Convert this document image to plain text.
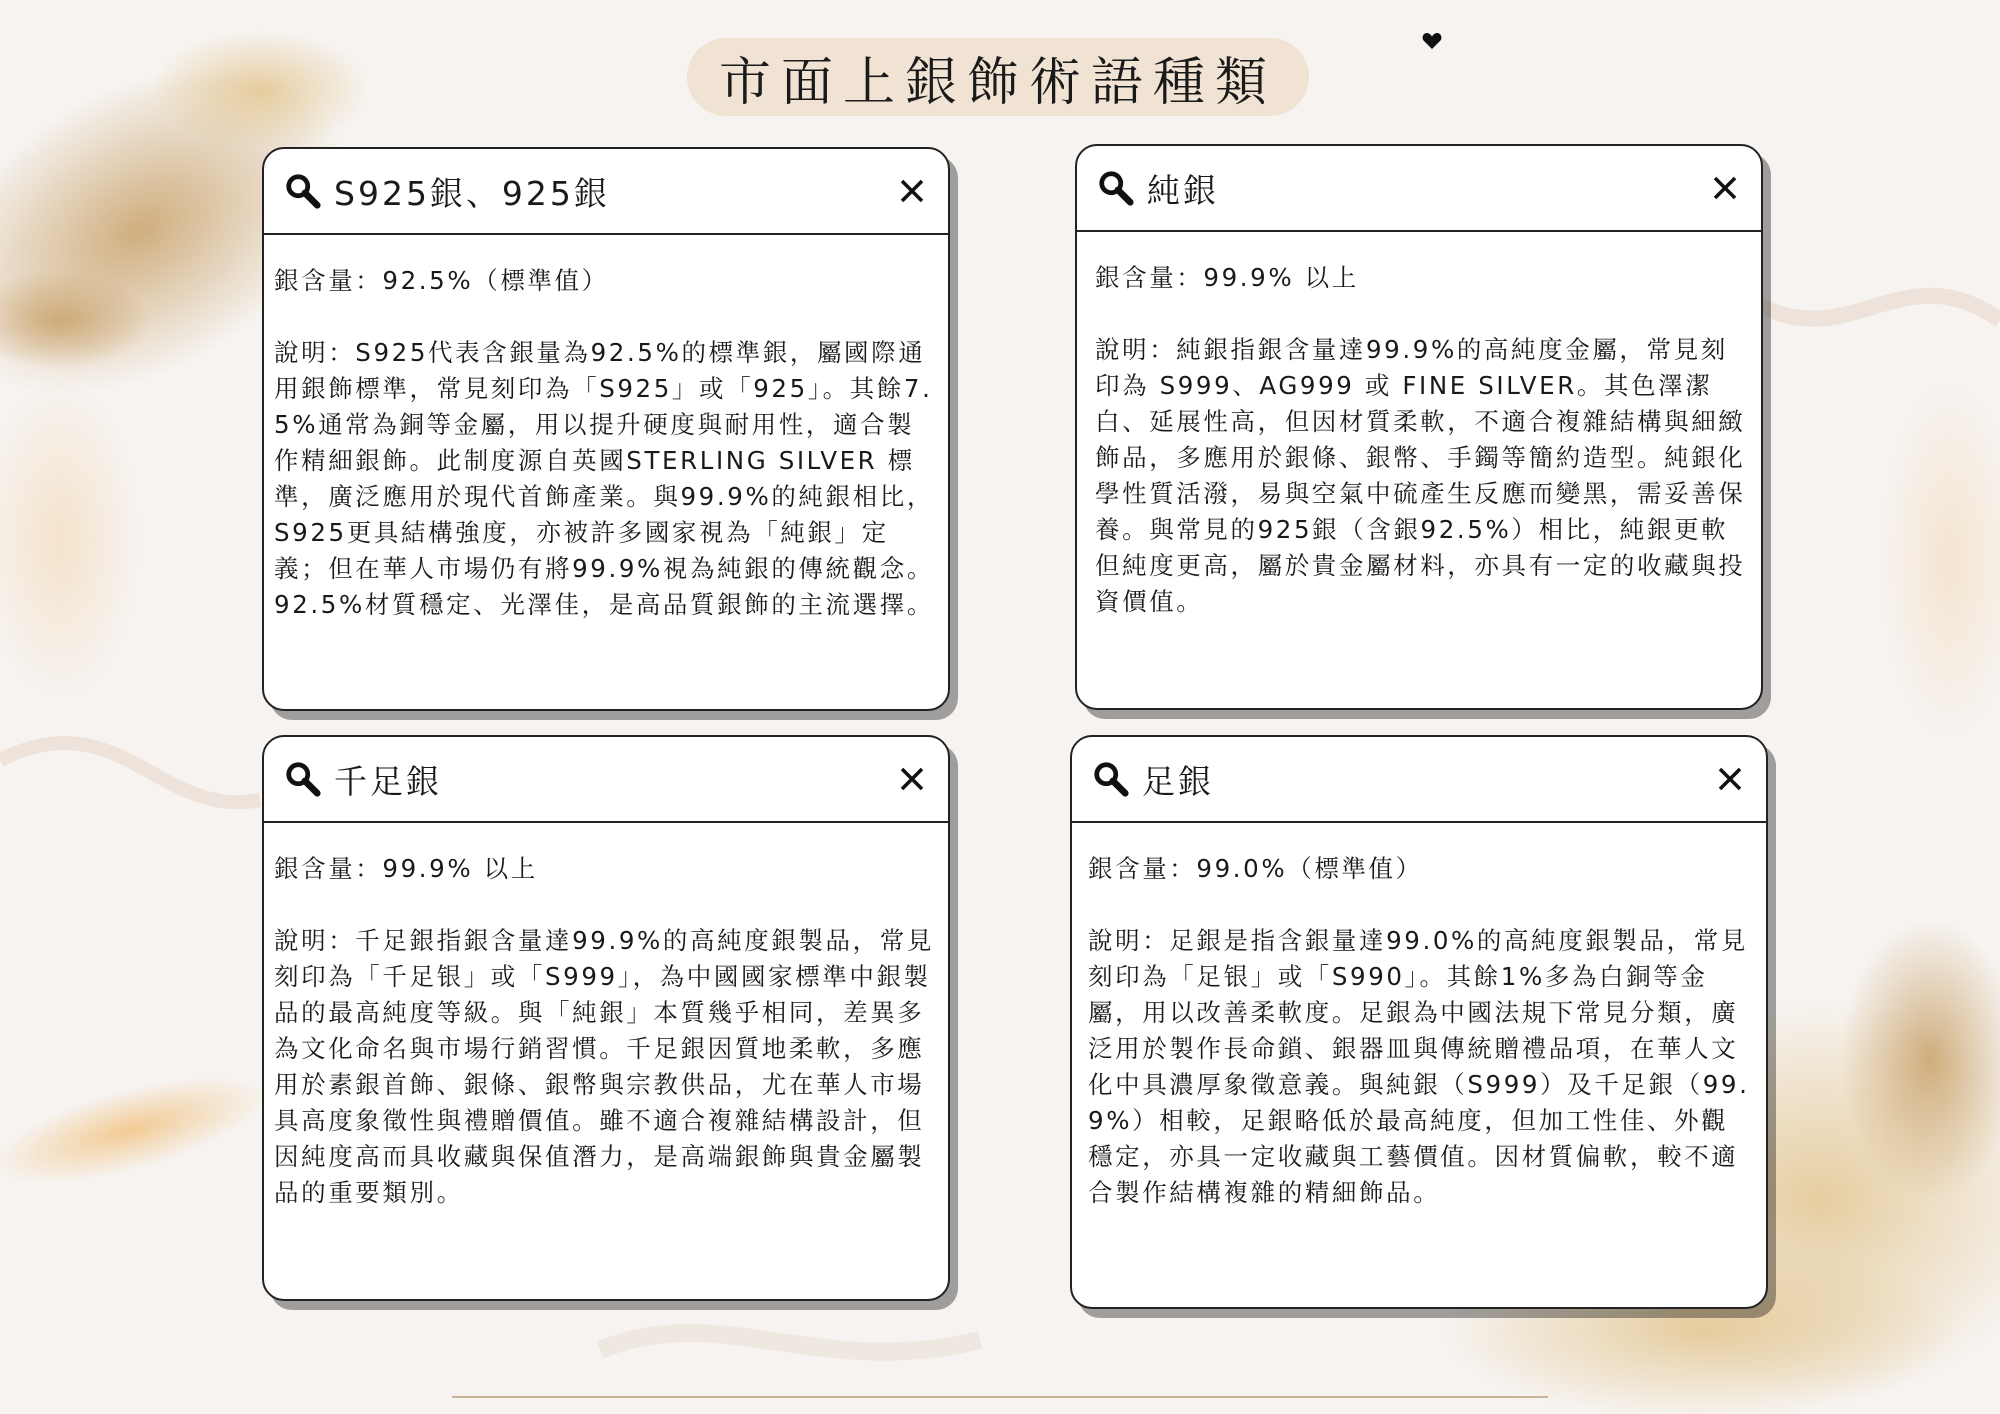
市面上銀飾術語種類
S925銀、925銀

銀含量：92.5%（標準值）

說明：S925代表含銀量為92.5%的標準銀，屬國際通用銀飾標準，常見刻印為「S925」或「925」。其餘7.5%通常為銅等金屬，用以提升硬度與耐用性，適合製作精細銀飾。此制度源自英國STERLING SILVER 標準，廣泛應用於現代首飾產業。與99.9%的純銀相比，S925更具結構強度，亦被許多國家視為「純銀」定義；但在華人市場仍有將99.9%視為純銀的傳統觀念。92.5%材質穩定、光澤佳，是高品質銀飾的主流選擇。

純銀

銀含量：99.9% 以上

說明：純銀指銀含量達99.9%的高純度金屬，常見刻印為 S999、AG999 或 FINE SILVER。其色澤潔白、延展性高，但因材質柔軟，不適合複雜結構與細緻飾品，多應用於銀條、銀幣、手鐲等簡約造型。純銀化學性質活潑，易與空氣中硫產生反應而變黑，需妥善保養。與常見的925銀（含銀92.5%）相比，純銀更軟但純度更高，屬於貴金屬材料，亦具有一定的收藏與投資價值。

千足銀

銀含量：99.9% 以上

說明：千足銀指銀含量達99.9%的高純度銀製品，常見刻印為「千足银」或「S999」，為中國國家標準中銀製品的最高純度等級。與「純銀」本質幾乎相同，差異多為文化命名與市場行銷習慣。千足銀因質地柔軟，多應用於素銀首飾、銀條、銀幣與宗教供品，尤在華人市場具高度象徵性與禮贈價值。雖不適合複雜結構設計，但因純度高而具收藏與保值潛力，是高端銀飾與貴金屬製品的重要類別。

足銀

銀含量：99.0%（標準值）

說明：足銀是指含銀量達99.0%的高純度銀製品，常見刻印為「足银」或「S990」。其餘1%多為白銅等金屬，用以改善柔軟度。足銀為中國法規下常見分類，廣泛用於製作長命鎖、銀器皿與傳統贈禮品項，在華人文化中具濃厚象徵意義。與純銀（S999）及千足銀（99.9%）相較，足銀略低於最高純度，但加工性佳、外觀穩定，亦具一定收藏與工藝價值。因材質偏軟，較不適合製作結構複雜的精細飾品。
